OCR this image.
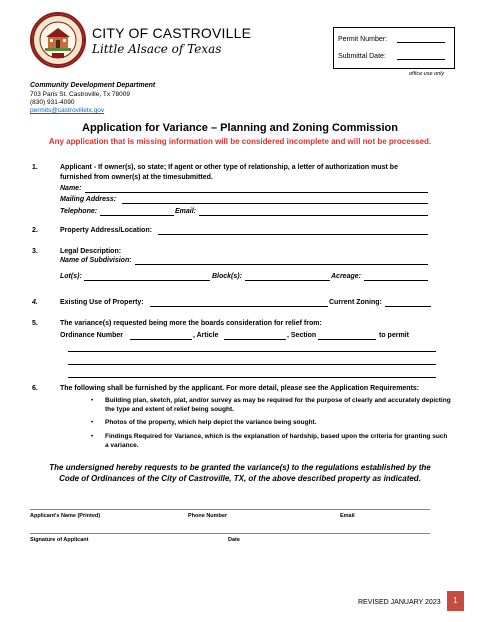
CITY OF CASTROVILLE
Little Alsace of Texas
Permit Number:
Submittal Date:
office use only
Community Development Department
703 Paris St. Castroville, Tx 78009
(830) 931-4090
permits@castrovilletx.gov
Application for Variance – Planning and Zoning Commission
Any application that is missing information will be considered incomplete and will not be processed.
1.	Applicant - If owner(s), so state; If agent or other type of relationship, a letter of authorization must be
furnished from owner(s) at the timesubmitted.
Name:
Mailing Address:
Telephone:	Email:
2.	Property Address/Location:
3.	Legal Description:
Name of Subdivision:
Lot(s):	Block(s):	Acreage:
4.	Existing Use of Property:	Current Zoning:
5.	The variance(s) requested being more the boards consideration for relief from:
Ordinance Number	, Article	, Section	to permit
6.	The following shall be furnished by the applicant. For more detail, please see the Application Requirements:
• Building plan, sketch, plat, and/or survey as may be required for the purpose of clearly and accurately depicting
the type and extent of relief being sought.
• Photos of the property, which help depict the variance being sought.
• Findings Required for Variance, which is the explanation of hardship, based upon the criteria for granting such
a variance.
The undersigned hereby requests to be granted the variance(s) to the regulations established by the
Code of Ordinances of the City of Castroville, TX, of the above described property as indicated.
Applicant's Name (Printed)	Phone Number	Email
Signature of Applicant	Date
REVISED JANUARY 2023	1
